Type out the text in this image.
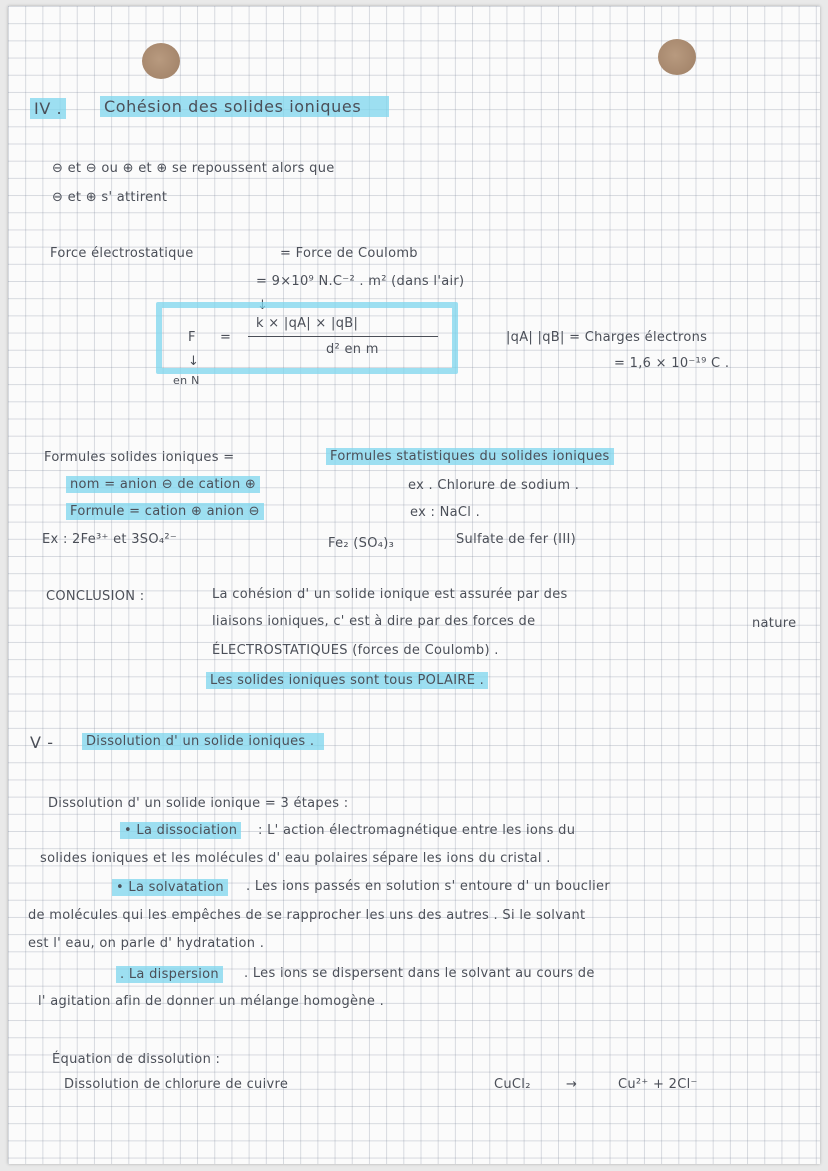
IV .	Cohésion des solides ioniques
⊖ et ⊖ ou ⊕ et ⊕ se repoussent alors que
⊖ et ⊕ s' attirent
Force électrostatique	= Force de Coulomb
= 9×10⁹ N.C⁻² . m² (dans l'air)
↓
F =
k × |qA| × |qB|
d² en m
↓
en N
|qA| |qB| = Charges électrons
= 1,6 × 10⁻¹⁹ C .
Formules solides ioniques =	Formules statistiques du solides ioniques
nom = anion ⊖ de cation ⊕	ex . Chlorure de sodium .
Formule = cation ⊕ anion ⊖	ex : NaCl .
Ex : 2Fe³⁺ et 3SO₄²⁻	Fe₂ (SO₄)₃	Sulfate de fer (III)
CONCLUSION :	La cohésion d' un solide ionique est assurée par des
liaisons ioniques, c' est à dire par des forces de	nature
ÉLECTROSTATIQUES (forces de Coulomb) .
Les solides ioniques sont tous POLAIRE .
V -	Dissolution d' un solide ioniques .
Dissolution d' un solide ionique = 3 étapes :
• La dissociation	: L' action électromagnétique entre les ions du
solides ioniques et les molécules d' eau polaires sépare les ions du cristal .
• La solvatation	. Les ions passés en solution s' entoure d' un bouclier
de molécules qui les empêches de se rapprocher les uns des autres . Si le solvant
est l' eau, on parle d' hydratation .
. La dispersion	. Les ions se dispersent dans le solvant au cours de
l' agitation afin de donner un mélange homogène .
Équation de dissolution :
Dissolution de chlorure de cuivre	CuCl₂	→	Cu²⁺ + 2Cl⁻
